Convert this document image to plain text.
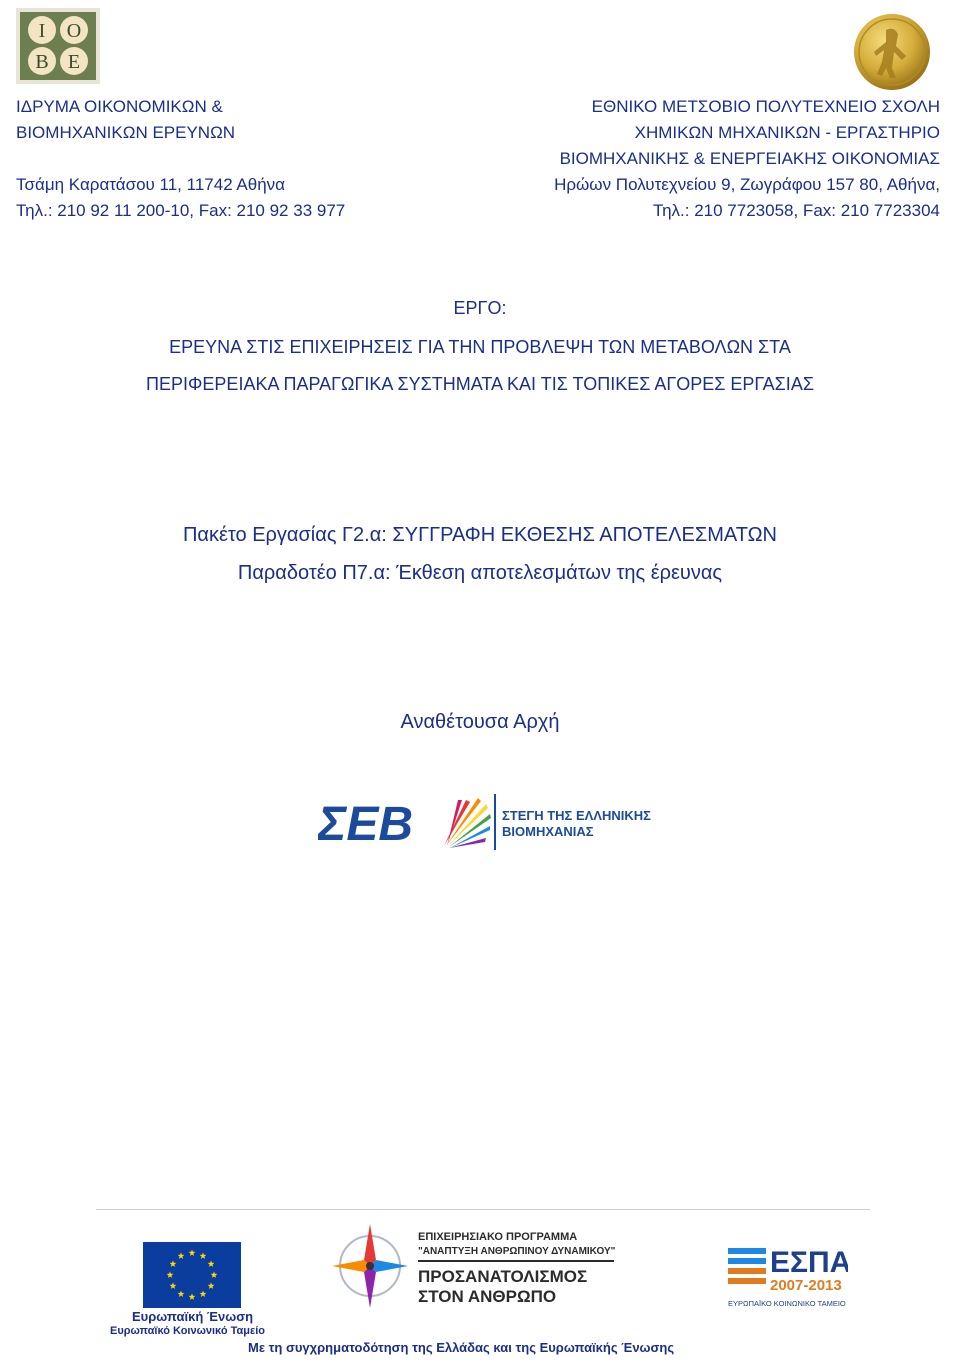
Ι Ο
Β Ε
ΙΔΡΥΜΑ ΟΙΚΟΝΟΜΙΚΩΝ &
ΒΙΟΜΗΧΑΝΙΚΩΝ ΕΡΕΥΝΩΝ
Τσάμη Καρατάσου 11, 11742 Αθήνα
Τηλ.: 210 92 11 200-10, Fax: 210 92 33 977
ΕΘΝΙΚΟ ΜΕΤΣΟΒΙΟ ΠΟΛΥΤΕΧΝΕΙΟ ΣΧΟΛΗ
ΧΗΜΙΚΩΝ ΜΗΧΑΝΙΚΩΝ - ΕΡΓΑΣΤΗΡΙΟ
ΒΙΟΜΗΧΑΝΙΚΗΣ & ΕΝΕΡΓΕΙΑΚΗΣ ΟΙΚΟΝΟΜΙΑΣ
Ηρώων Πολυτεχνείου 9, Ζωγράφου 157 80, Αθήνα,
Τηλ.: 210 7723058, Fax: 210 7723304
ΕΡΓΟ:
ΕΡΕΥΝΑ ΣΤΙΣ ΕΠΙΧΕΙΡΗΣΕΙΣ ΓΙΑ ΤΗΝ ΠΡΟΒΛΕΨΗ ΤΩΝ ΜΕΤΑΒΟΛΩΝ ΣΤΑ
ΠΕΡΙΦΕΡΕΙΑΚΑ ΠΑΡΑΓΩΓΙΚΑ ΣΥΣΤΗΜΑΤΑ ΚΑΙ ΤΙΣ ΤΟΠΙΚΕΣ ΑΓΟΡΕΣ ΕΡΓΑΣΙΑΣ
Πακέτο Εργασίας Γ2.α: ΣΥΓΓΡΑΦΗ ΕΚΘΕΣΗΣ ΑΠΟΤΕΛΕΣΜΑΤΩΝ
Παραδοτέο Π7.α: Έκθεση αποτελεσμάτων της έρευνας
Αναθέτουσα Αρχή
ΣΕΒ	ΣΤΕΓΗ ΤΗΣ ΕΛΛΗΝΙΚΗΣ
ΒΙΟΜΗΧΑΝΙΑΣ
Ευρωπαϊκή Ένωση
Ευρωπαϊκό Κοινωνικό Ταμείο
ΕΠΙΧΕΙΡΗΣΙΑΚΟ ΠΡΟΓΡΑΜΜΑ
"ΑΝΑΠΤΥΞΗ ΑΝΘΡΩΠΙΝΟΥ ΔΥΝΑΜΙΚΟΥ"
ΠΡΟΣΑΝΑΤΟΛΙΣΜΟΣ
ΣΤΟΝ ΑΝΘΡΩΠΟ
ΕΣΠΑ
2007-2013
ΕΥΡΩΠΑΪΚΟ ΚΟΙΝΩΝΙΚΟ ΤΑΜΕΙΟ
Με τη συγχρηματοδότηση της Ελλάδας και της Ευρωπαϊκής Ένωσης
